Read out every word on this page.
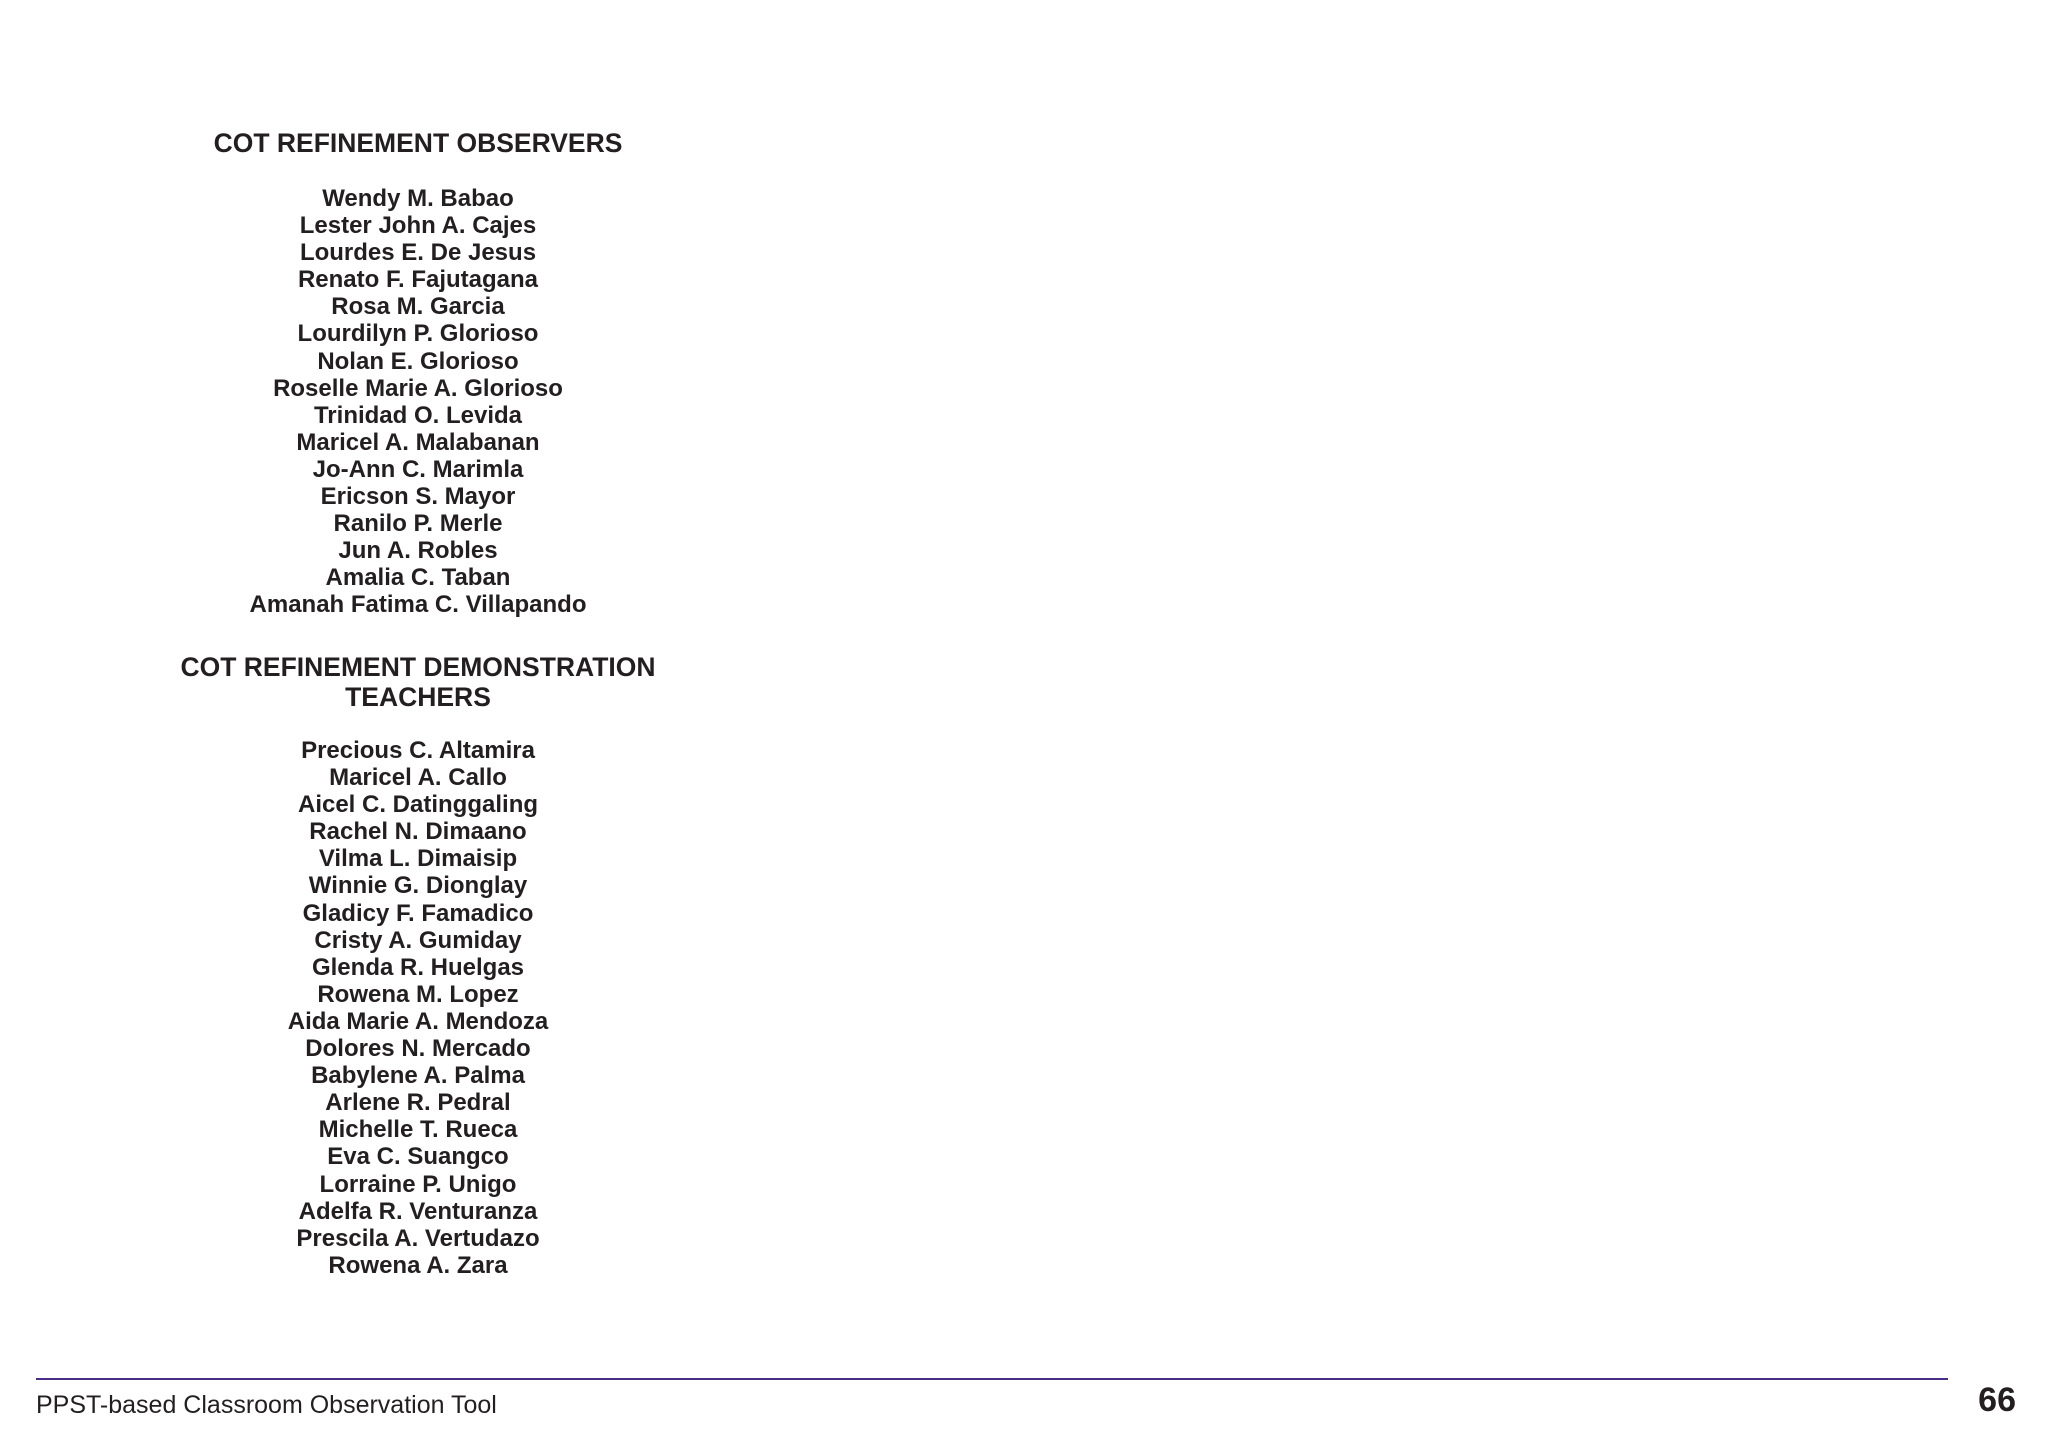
COT REFINEMENT OBSERVERS
Wendy M. Babao
Lester John A. Cajes
Lourdes E. De Jesus
Renato F. Fajutagana
Rosa M. Garcia
Lourdilyn P. Glorioso
Nolan E. Glorioso
Roselle Marie A. Glorioso
Trinidad O. Levida
Maricel A. Malabanan
Jo-Ann C. Marimla
Ericson S. Mayor
Ranilo P. Merle
Jun A. Robles
Amalia C. Taban
Amanah Fatima C. Villapando
COT REFINEMENT DEMONSTRATION
TEACHERS
Precious C. Altamira
Maricel A. Callo
Aicel C. Datinggaling
Rachel N. Dimaano
Vilma L. Dimaisip
Winnie G. Dionglay
Gladicy F. Famadico
Cristy A. Gumiday
Glenda R. Huelgas
Rowena M. Lopez
Aida Marie A. Mendoza
Dolores N. Mercado
Babylene A. Palma
Arlene R. Pedral
Michelle T. Rueca
Eva C. Suangco
Lorraine P. Unigo
Adelfa R. Venturanza
Prescila A. Vertudazo
Rowena A. Zara
PPST-based Classroom Observation Tool	66
